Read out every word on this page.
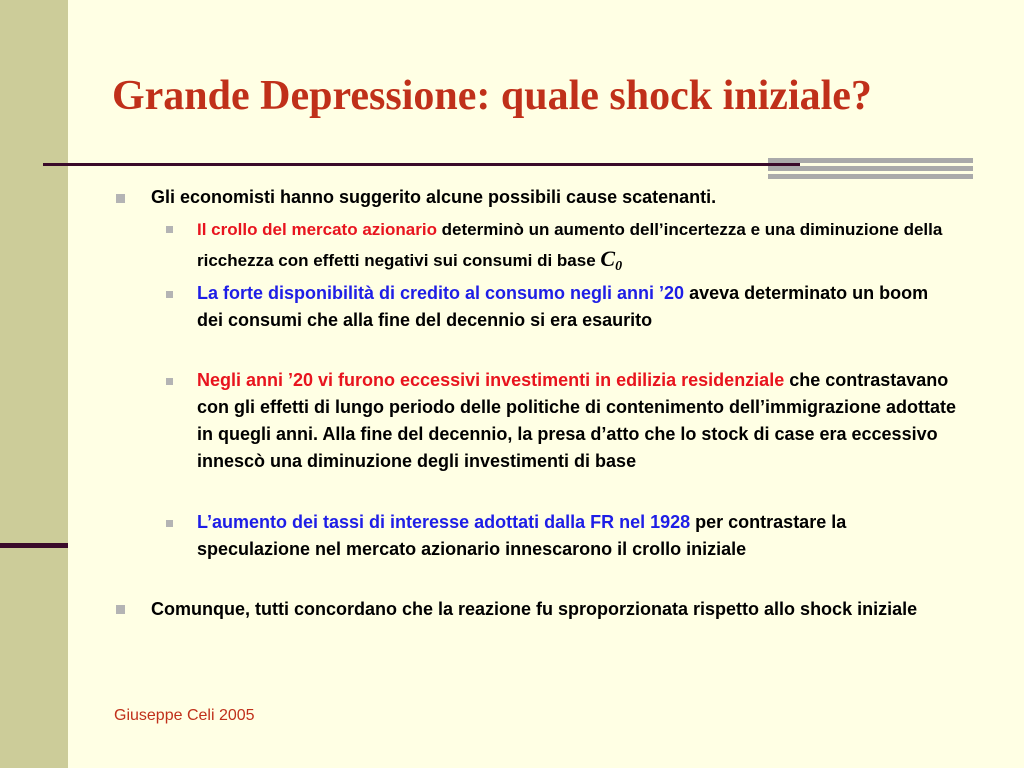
Grande Depressione: quale shock iniziale?

Gli economisti hanno suggerito alcune possibili cause scatenanti.

Il crollo del mercato azionario determinò un aumento dell’incertezza e una diminuzione della ricchezza con effetti negativi sui consumi di base $C_0$

La forte disponibilità di credito al consumo negli anni ’20 aveva determinato un boom dei consumi che alla fine del decennio si era esaurito

Negli anni ’20 vi furono eccessivi investimenti in edilizia residenziale che contrastavano con gli effetti di lungo periodo delle politiche di contenimento dell’immigrazione adottate in quegli anni. Alla fine del decennio, la presa d’atto che lo stock di case era eccessivo innescò una diminuzione degli investimenti di base

L’aumento dei tassi di interesse adottati dalla FR nel 1928 per contrastare la speculazione nel mercato azionario innescarono il crollo iniziale

Comunque, tutti concordano che la reazione fu sproporzionata rispetto allo shock iniziale

Giuseppe Celi 2005
